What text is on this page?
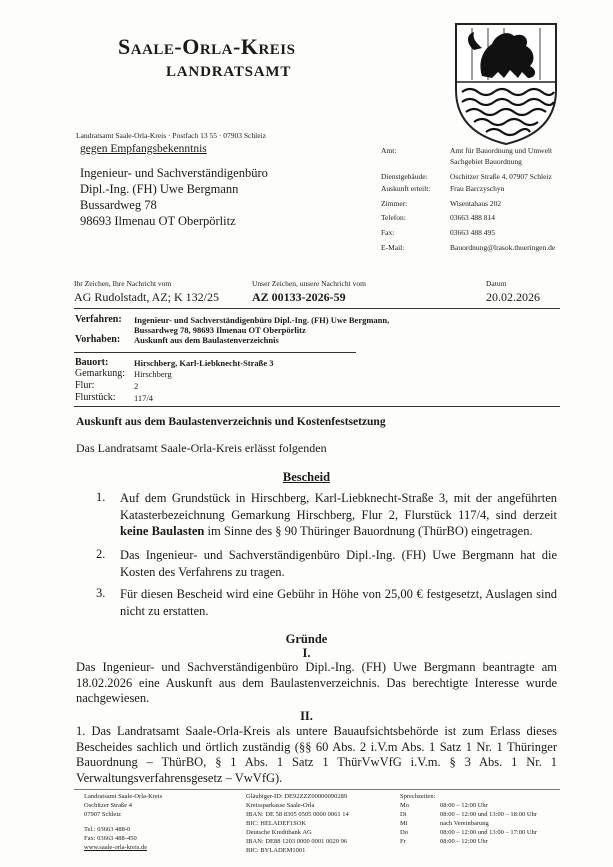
Saale-Orla-Kreis
LANDRATSAMT
Landratsamt Saale-Orla-Kreis · Postfach 13 55 · 07903 Schleiz
gegen Empfangsbekenntnis
Ingenieur- und Sachverständigenbüro
Dipl.-Ing. (FH) Uwe Bergmann
Bussardweg 78
98693 Ilmenau OT Oberpörlitz
Amt:	Amt für Bauordnung und Umwelt
Sachgebiet Bauordnung
Dienstgebäude:	Oschitzer Straße 4, 07907 Schleiz
Auskunft erteilt:	Frau Barczyschyn
Zimmer:	Wisentahaus 202
Telefon:	03663 488 814
Fax:	03663 488 495
E-Mail:	Bauordnung@lrasok.thueringen.de
Ihr Zeichen, Ihre Nachricht vom
AG Rudolstadt, AZ; K 132/25
Unser Zeichen, unsere Nachricht vom
AZ 00133-2026-59
Datum
20.02.2026
Verfahren: Ingenieur- und Sachverständigenbüro Dipl.-Ing. (FH) Uwe Bergmann,
Bussardweg 78, 98693 Ilmenau OT Oberpörlitz
Vorhaben: Auskunft aus dem Baulastenverzeichnis
Bauort:	Hirschberg, Karl-Liebknecht-Straße 3
Gemarkung: Hirschberg
Flur:	2
Flurstück: 117/4
Auskunft aus dem Baulastenverzeichnis und Kostenfestsetzung
Das Landratsamt Saale-Orla-Kreis erlässt folgenden
Bescheid
1. Auf dem Grundstück in Hirschberg, Karl-Liebknecht-Straße 3, mit der angeführten Katasterbezeichnung Gemarkung Hirschberg, Flur 2, Flurstück 117/4, sind derzeit keine Baulasten im Sinne des § 90 Thüringer Bauordnung (ThürBO) eingetragen.
2. Das Ingenieur- und Sachverständigenbüro Dipl.-Ing. (FH) Uwe Bergmann hat die Kosten des Verfahrens zu tragen.
3. Für diesen Bescheid wird eine Gebühr in Höhe von 25,00 € festgesetzt, Auslagen sind nicht zu erstatten.
Gründe
I.
Das Ingenieur- und Sachverständigenbüro Dipl.-Ing. (FH) Uwe Bergmann beantragte am 18.02.2026 eine Auskunft aus dem Baulastenverzeichnis. Das berechtigte Interesse wurde nachgewiesen.
II.
1. Das Landratsamt Saale-Orla-Kreis als untere Bauaufsichtsbehörde ist zum Erlass dieses Bescheides sachlich und örtlich zuständig (§§ 60 Abs. 2 i.V.m Abs. 1 Satz 1 Nr. 1 Thüringer Bauordnung – ThürBO, § 1 Abs. 1 Satz 1 ThürVwVfG i.V.m. § 3 Abs. 1 Nr. 1 Verwaltungsverfahrensgesetz – VwVfG).
Landratsamt Saale-Orla-Kreis
Oschitzer Straße 4
07907 Schleiz
Tel.: 03663 488-0
Fax: 03663 488-450
www.saale-orla-kreis.de
Gläubiger-ID: DE92ZZZ00000090289
Kreissparkasse Saale-Orla
IBAN: DE 58 8305 0505 0000 0061 14
BIC: HELADEF1SOK
Deutsche Kreditbank AG
IBAN: DE88 1203 0000 0001 0020 96
BIC: BYLADEM1001
Sprechzeiten:
Mo	08:00 – 12:00 Uhr
Di	08:00 – 12:00 und 13:00 – 18:00 Uhr
Mi	nach Vereinbarung
Do	08:00 – 12:00 und 13:00 – 17:00 Uhr
Fr	08:00 – 12:00 Uhr
